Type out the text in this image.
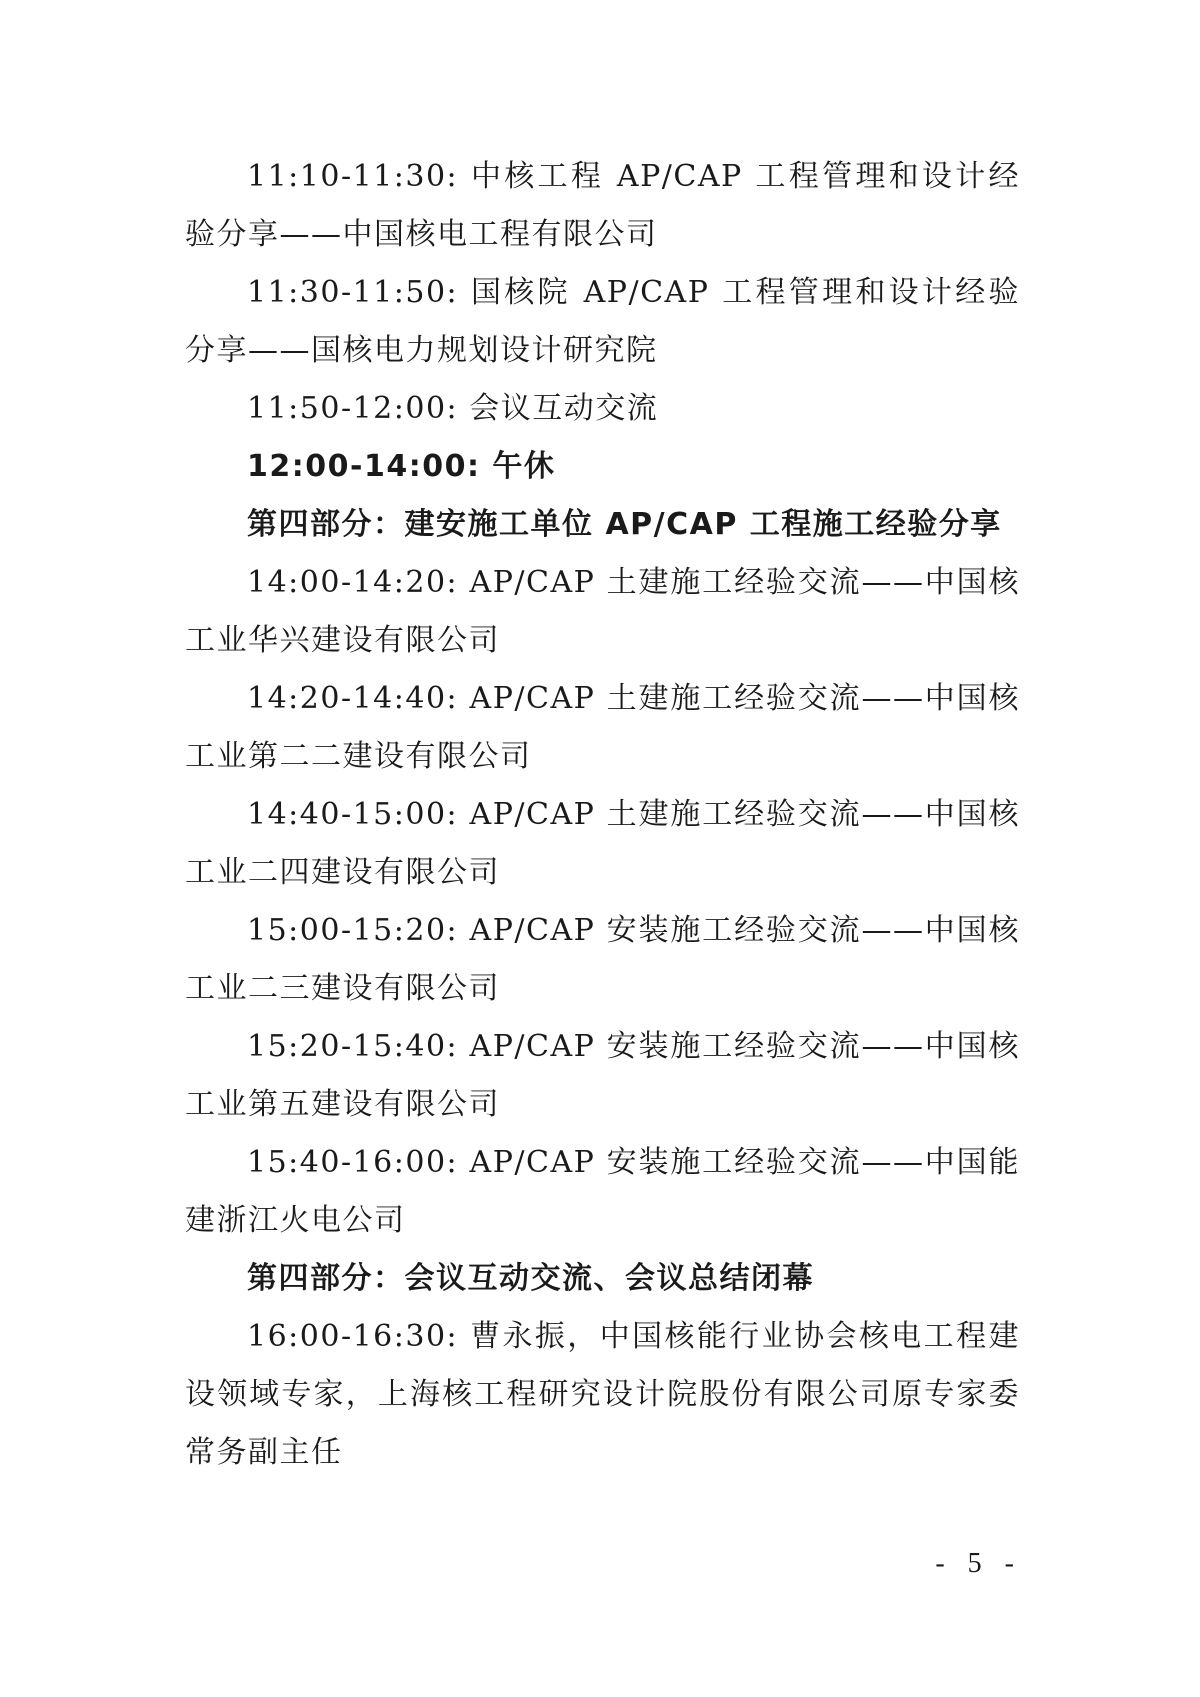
11:10-11:30: 中核工程 AP/CAP 工程管理和设计经验分享——中国核电工程有限公司

11:30-11:50: 国核院 AP/CAP 工程管理和设计经验分享——国核电力规划设计研究院

11:50-12:00: 会议互动交流

12:00-14:00: 午休

第四部分：建安施工单位 AP/CAP 工程施工经验分享

14:00-14:20: AP/CAP 土建施工经验交流——中国核工业华兴建设有限公司

14:20-14:40: AP/CAP 土建施工经验交流——中国核工业第二二建设有限公司

14:40-15:00: AP/CAP 土建施工经验交流——中国核工业二四建设有限公司

15:00-15:20: AP/CAP 安装施工经验交流——中国核工业二三建设有限公司

15:20-15:40: AP/CAP 安装施工经验交流——中国核工业第五建设有限公司

15:40-16:00: AP/CAP 安装施工经验交流——中国能建浙江火电公司

第四部分：会议互动交流、会议总结闭幕

16:00-16:30: 曹永振，中国核能行业协会核电工程建设领域专家，上海核工程研究设计院股份有限公司原专家委常务副主任

- 5 -
